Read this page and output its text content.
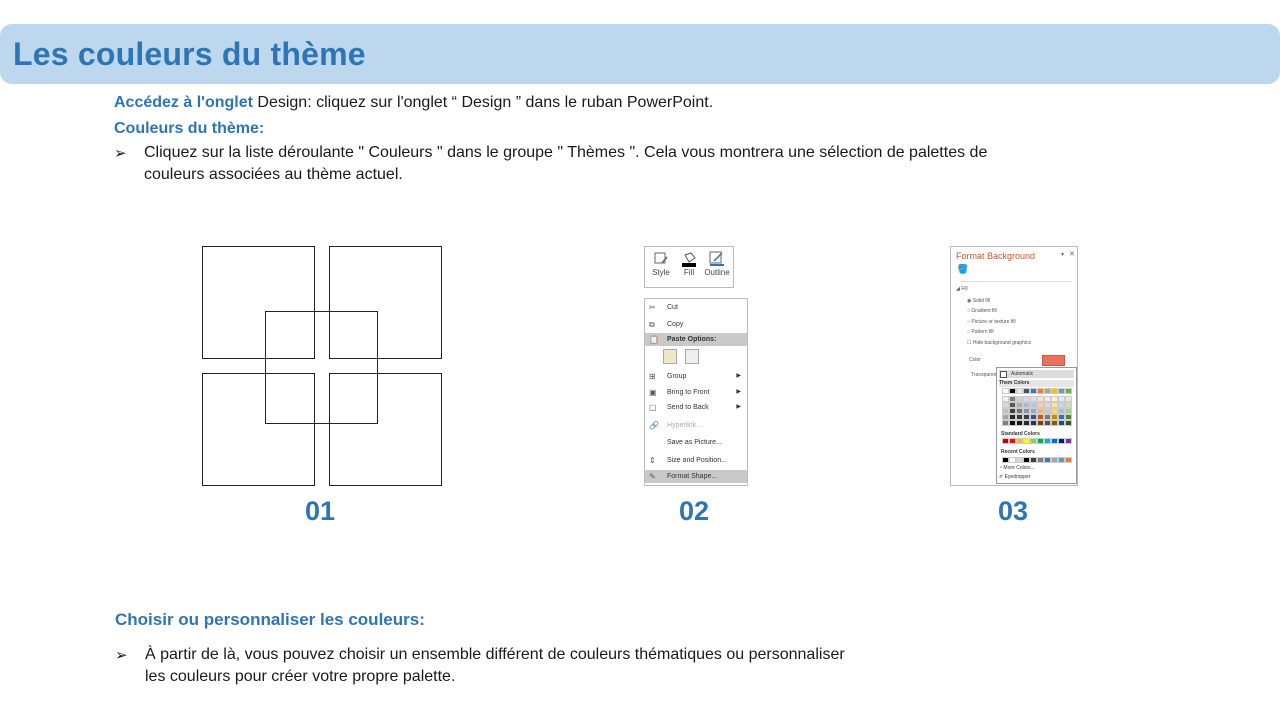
Les couleurs du thème
Accédez à l'onglet Design: cliquez sur l'onglet “ Design ” dans le ruban PowerPoint.
Couleurs du thème:
➢ Cliquez sur la liste déroulante " Couleurs " dans le groupe " Thèmes ". Cela vous montrera une sélection de palettes de
couleurs associées au thème actuel.
01
Style	Fill	Outline
✂	Cut
⧉	Copy
📋 Paste Options:
⊞	Group	▶
▣	Bring to Front	▶
▢	Send to Back	▶
🔗 Hyperlink...
Save as Picture...
⇕	Size and Position...
✎	Format Shape...
02
Format Background	▾ ✕
🪣
◢ Fill
◉ Solid fill
○ Gradient fill
○ Picture or texture fill
○ Pattern fill
☐ Hide background graphics
Color
Transparen	Automatic
Them Colors
Standard Colors
Recent Colors
◔ More Colors...
✐ Eyedropper
03
Choisir ou personnaliser les couleurs:
➢ À partir de là, vous pouvez choisir un ensemble différent de couleurs thématiques ou personnaliser
les couleurs pour créer votre propre palette.
